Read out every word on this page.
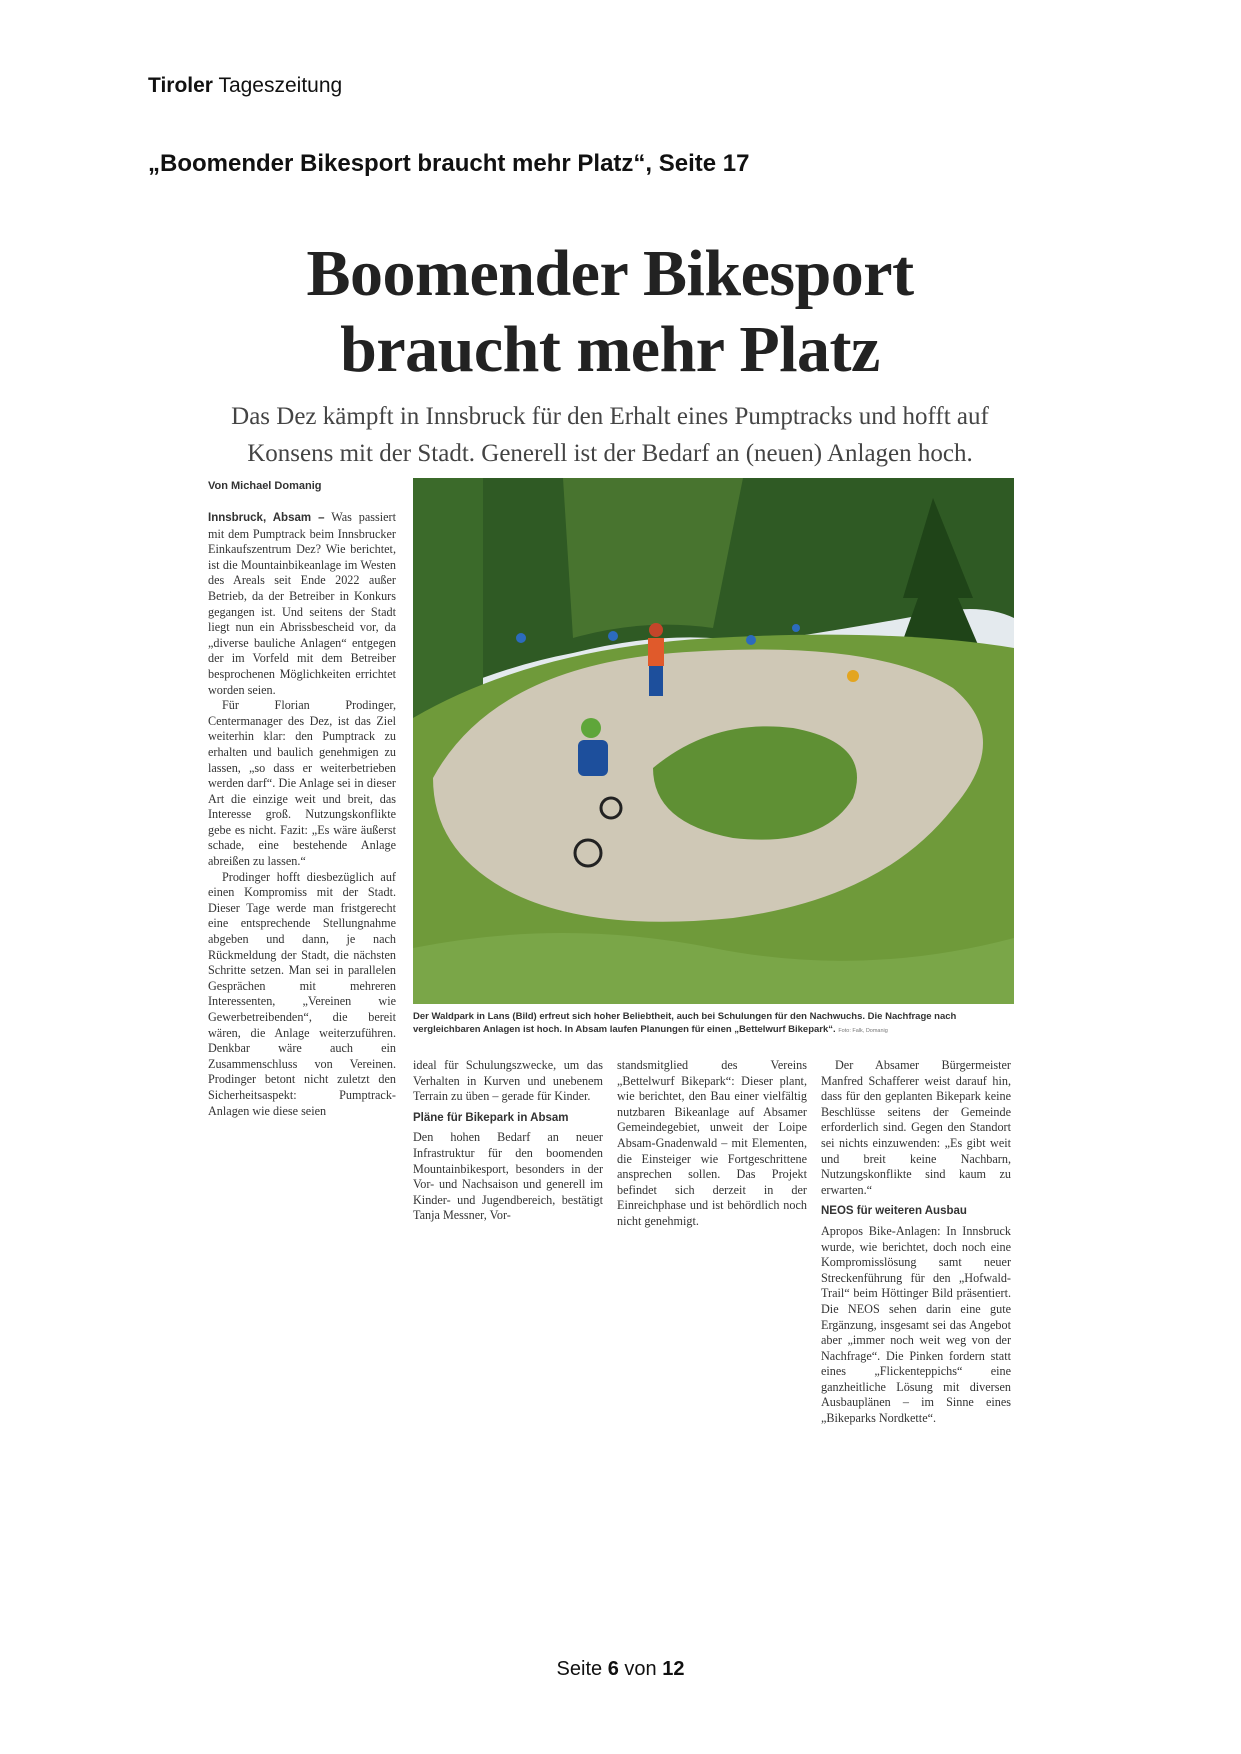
Tiroler Tageszeitung
„Boomender Bikesport braucht mehr Platz“, Seite 17
Boomender Bikesport
braucht mehr Platz
Das Dez kämpft in Innsbruck für den Erhalt eines Pumptracks und hofft auf
Konsens mit der Stadt. Generell ist der Bedarf an (neuen) Anlagen hoch.
Von Michael Domanig

Innsbruck, Absam – Was passiert mit dem Pumptrack beim Innsbrucker Einkaufszentrum Dez? Wie berichtet, ist die Mountainbikeanlage im Westen des Areals seit Ende 2022 außer Betrieb, da der Betreiber in Konkurs gegangen ist. Und seitens der Stadt liegt nun ein Abrissbescheid vor, da „diverse bauliche Anlagen“ entgegen der im Vorfeld mit dem Betreiber besprochenen Möglichkeiten errichtet worden seien.

Für Florian Prodinger, Centermanager des Dez, ist das Ziel weiterhin klar: den Pumptrack zu erhalten und baulich genehmigen zu lassen, „so dass er weiterbetrieben werden darf“. Die Anlage sei in dieser Art die einzige weit und breit, das Interesse groß. Nutzungskonflikte gebe es nicht. Fazit: „Es wäre äußerst schade, eine bestehende Anlage abreißen zu lassen.“

Prodinger hofft diesbezüglich auf einen Kompromiss mit der Stadt. Dieser Tage werde man fristgerecht eine entsprechende Stellungnahme abgeben und dann, je nach Rückmeldung der Stadt, die nächsten Schritte setzen. Man sei in parallelen Gesprächen mit mehreren Interessenten, „Vereinen wie Gewerbetreibenden“, die bereit wären, die Anlage weiterzuführen. Denkbar wäre auch ein Zusammenschluss von Vereinen. Prodinger betont nicht zuletzt den Sicherheitsaspekt: Pumptrack-Anlagen wie diese seien

Der Waldpark in Lans (Bild) erfreut sich hoher Beliebtheit, auch bei Schulungen für den Nachwuchs. Die Nachfrage nach vergleichbaren Anlagen ist hoch. In Absam laufen Planungen für einen „Bettelwurf Bikepark“. Foto: Falk, Domanig

ideal für Schulungszwecke, um das Verhalten in Kurven und unebenem Terrain zu üben – gerade für Kinder.

Pläne für Bikepark in Absam

Den hohen Bedarf an neuer Infrastruktur für den boomenden Mountainbikesport, besonders in der Vor- und Nachsaison und generell im Kinder- und Jugendbereich, bestätigt Tanja Messner, Vor-

standsmitglied des Vereins „Bettelwurf Bikepark“: Dieser plant, wie berichtet, den Bau einer vielfältig nutzbaren Bikeanlage auf Absamer Gemeindegebiet, unweit der Loipe Absam-Gnadenwald – mit Elementen, die Einsteiger wie Fortgeschrittene ansprechen sollen. Das Projekt befindet sich derzeit in der Einreichphase und ist behördlich noch nicht genehmigt.

Der Absamer Bürgermeister Manfred Schafferer weist darauf hin, dass für den geplanten Bikepark keine Beschlüsse seitens der Gemeinde erforderlich sind. Gegen den Standort sei nichts einzuwenden: „Es gibt weit und breit keine Nachbarn, Nutzungskonflikte sind kaum zu erwarten.“

NEOS für weiteren Ausbau

Apropos Bike-Anlagen: In Innsbruck wurde, wie berichtet, doch noch eine Kompromisslösung samt neuer Streckenführung für den „Hofwald-Trail“ beim Höttinger Bild präsentiert. Die NEOS sehen darin eine gute Ergänzung, insgesamt sei das Angebot aber „immer noch weit weg von der Nachfrage“. Die Pinken fordern statt eines „Flickenteppichs“ eine ganzheitliche Lösung mit diversen Ausbauplänen – im Sinne eines „Bikeparks Nordkette“.

Seite 6 von 12
